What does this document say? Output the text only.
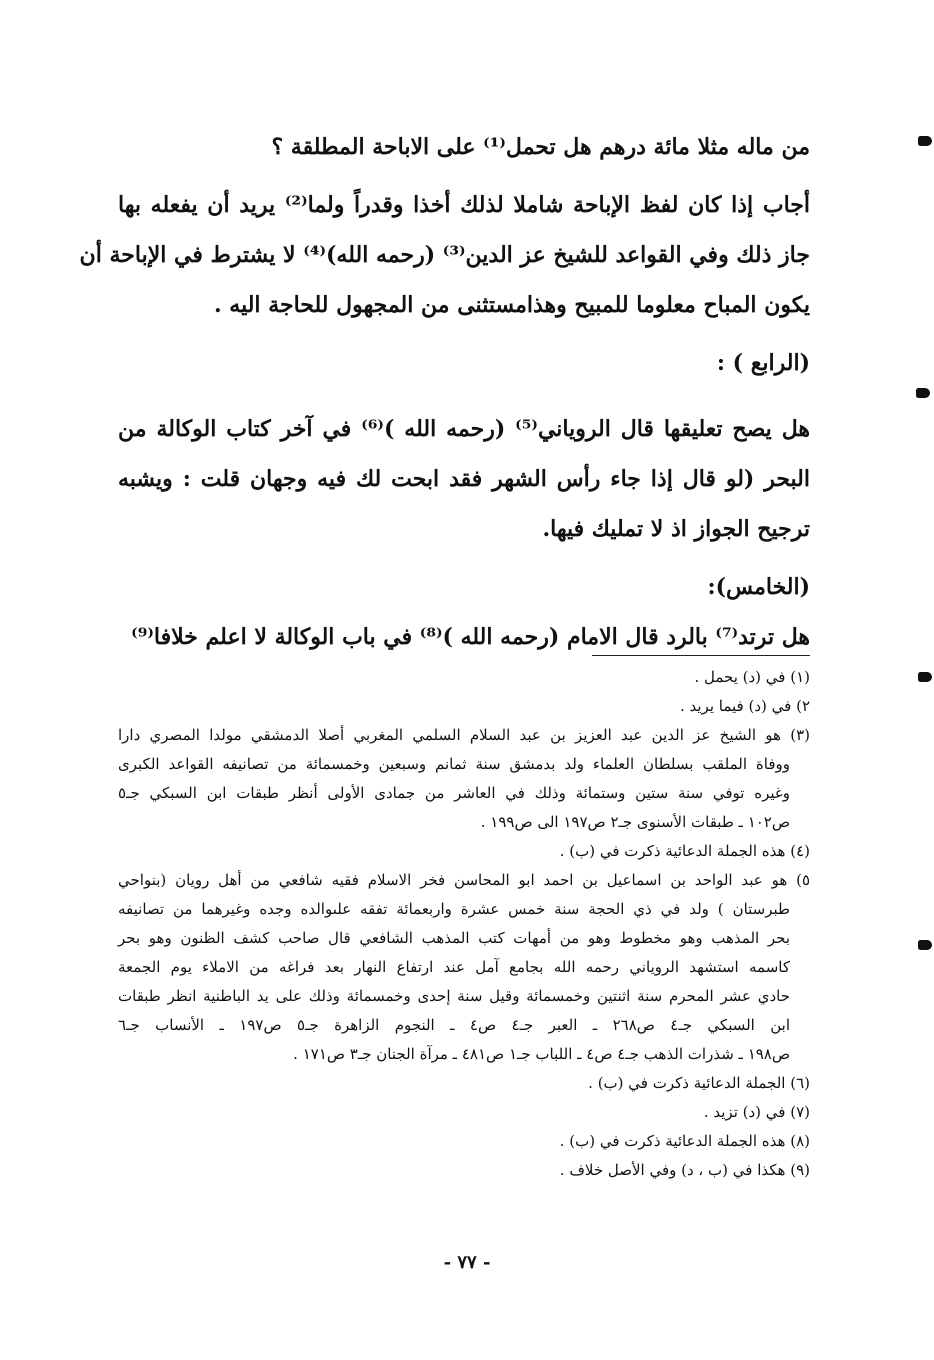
من ماله مثلا مائة درهم هل تحمل⁽¹⁾ على الاباحة المطلقة ؟
أجاب إذا كان لفظ الإباحة شاملا لذلك أخذا وقدراً ولما⁽²⁾ يريد أن يفعله بها
جاز ذلك وفي القواعد للشيخ عز الدين⁽³⁾ (رحمه الله)⁽⁴⁾ لا يشترط في الإباحة أن
يكون المباح معلوما للمبيح وهذامستثنى من المجهول للحاجة اليه .
(الرابع ) :
هل يصح تعليقها قال الروياني⁽⁵⁾ (رحمه الله )⁽⁶⁾ في آخر كتاب الوكالة من
البحر (لو قال إذا جاء رأس الشهر فقد ابحت لك فيه وجهان قلت : ويشبه
ترجيح الجواز اذ لا تمليك فيها.
(الخامس):
هل ترتد⁽⁷⁾ بالرد قال الامام (رحمه الله )⁽⁸⁾ في باب الوكالة لا اعلم خلافا⁽⁹⁾
(١) في (د) يحمل .
٢) في (د) فيما يريد .
(٣) هو الشيخ عز الدين عبد العزيز بن عبد السلام السلمي المغربي أصلا الدمشقي مولدا المصري دارا
ووفاة الملقب بسلطان العلماء ولد بدمشق سنة ثمانم وسبعين وخمسمائة من تصانيفه القواعد الكبرى
وغيره توفي سنة ستين وستمائة وذلك في العاشر من جمادى الأولى أنظر طبقات ابن السبكي جـ٥
ص١٠٢ ـ طبقات الأسنوى جـ٢ ص١٩٧ الى ص١٩٩ .
(٤) هذه الجملة الدعائية ذكرت في (ب) .
٥) هو عبد الواحد بن اسماعيل بن احمد ابو المحاسن فخر الاسلام فقيه شافعي من أهل رويان (بنواحي
طبرستان ) ولد في ذي الحجة سنة خمس عشرة واربعمائة تفقه علىوالده وجده وغيرهما من تصانيفه
بحر المذهب وهو مخطوط وهو من أمهات كتب المذهب الشافعي قال صاحب كشف الظنون وهو بحر
كاسمه استشهد الروياني رحمه الله بجامع آمل عند ارتفاع النهار بعد فراغه من الاملاء يوم الجمعة
حادي عشر المحرم سنة اثنتين وخمسمائة وقيل سنة إحدى وخمسمائة وذلك على يد الباطنية انظر طبقات
ابن السبكي جـ٤ ص٢٦٨ ـ العبر جـ٤ ص٤ ـ النجوم الزاهرة جـ٥ ص١٩٧ ـ الأنساب جـ٦
ص١٩٨ ـ شذرات الذهب جـ٤ ص٤ ـ اللباب جـ١ ص٤٨١ ـ مرآة الجنان جـ٣ ص١٧١ .
(٦) الجملة الدعائية ذكرت في (ب) .
(٧) في (د) تزيد .
(٨) هذه الجملة الدعائية ذكرت في (ب) .
(٩) هكذا في (ب ، د) وفي الأصل خلاف .
- ٧٧ -
